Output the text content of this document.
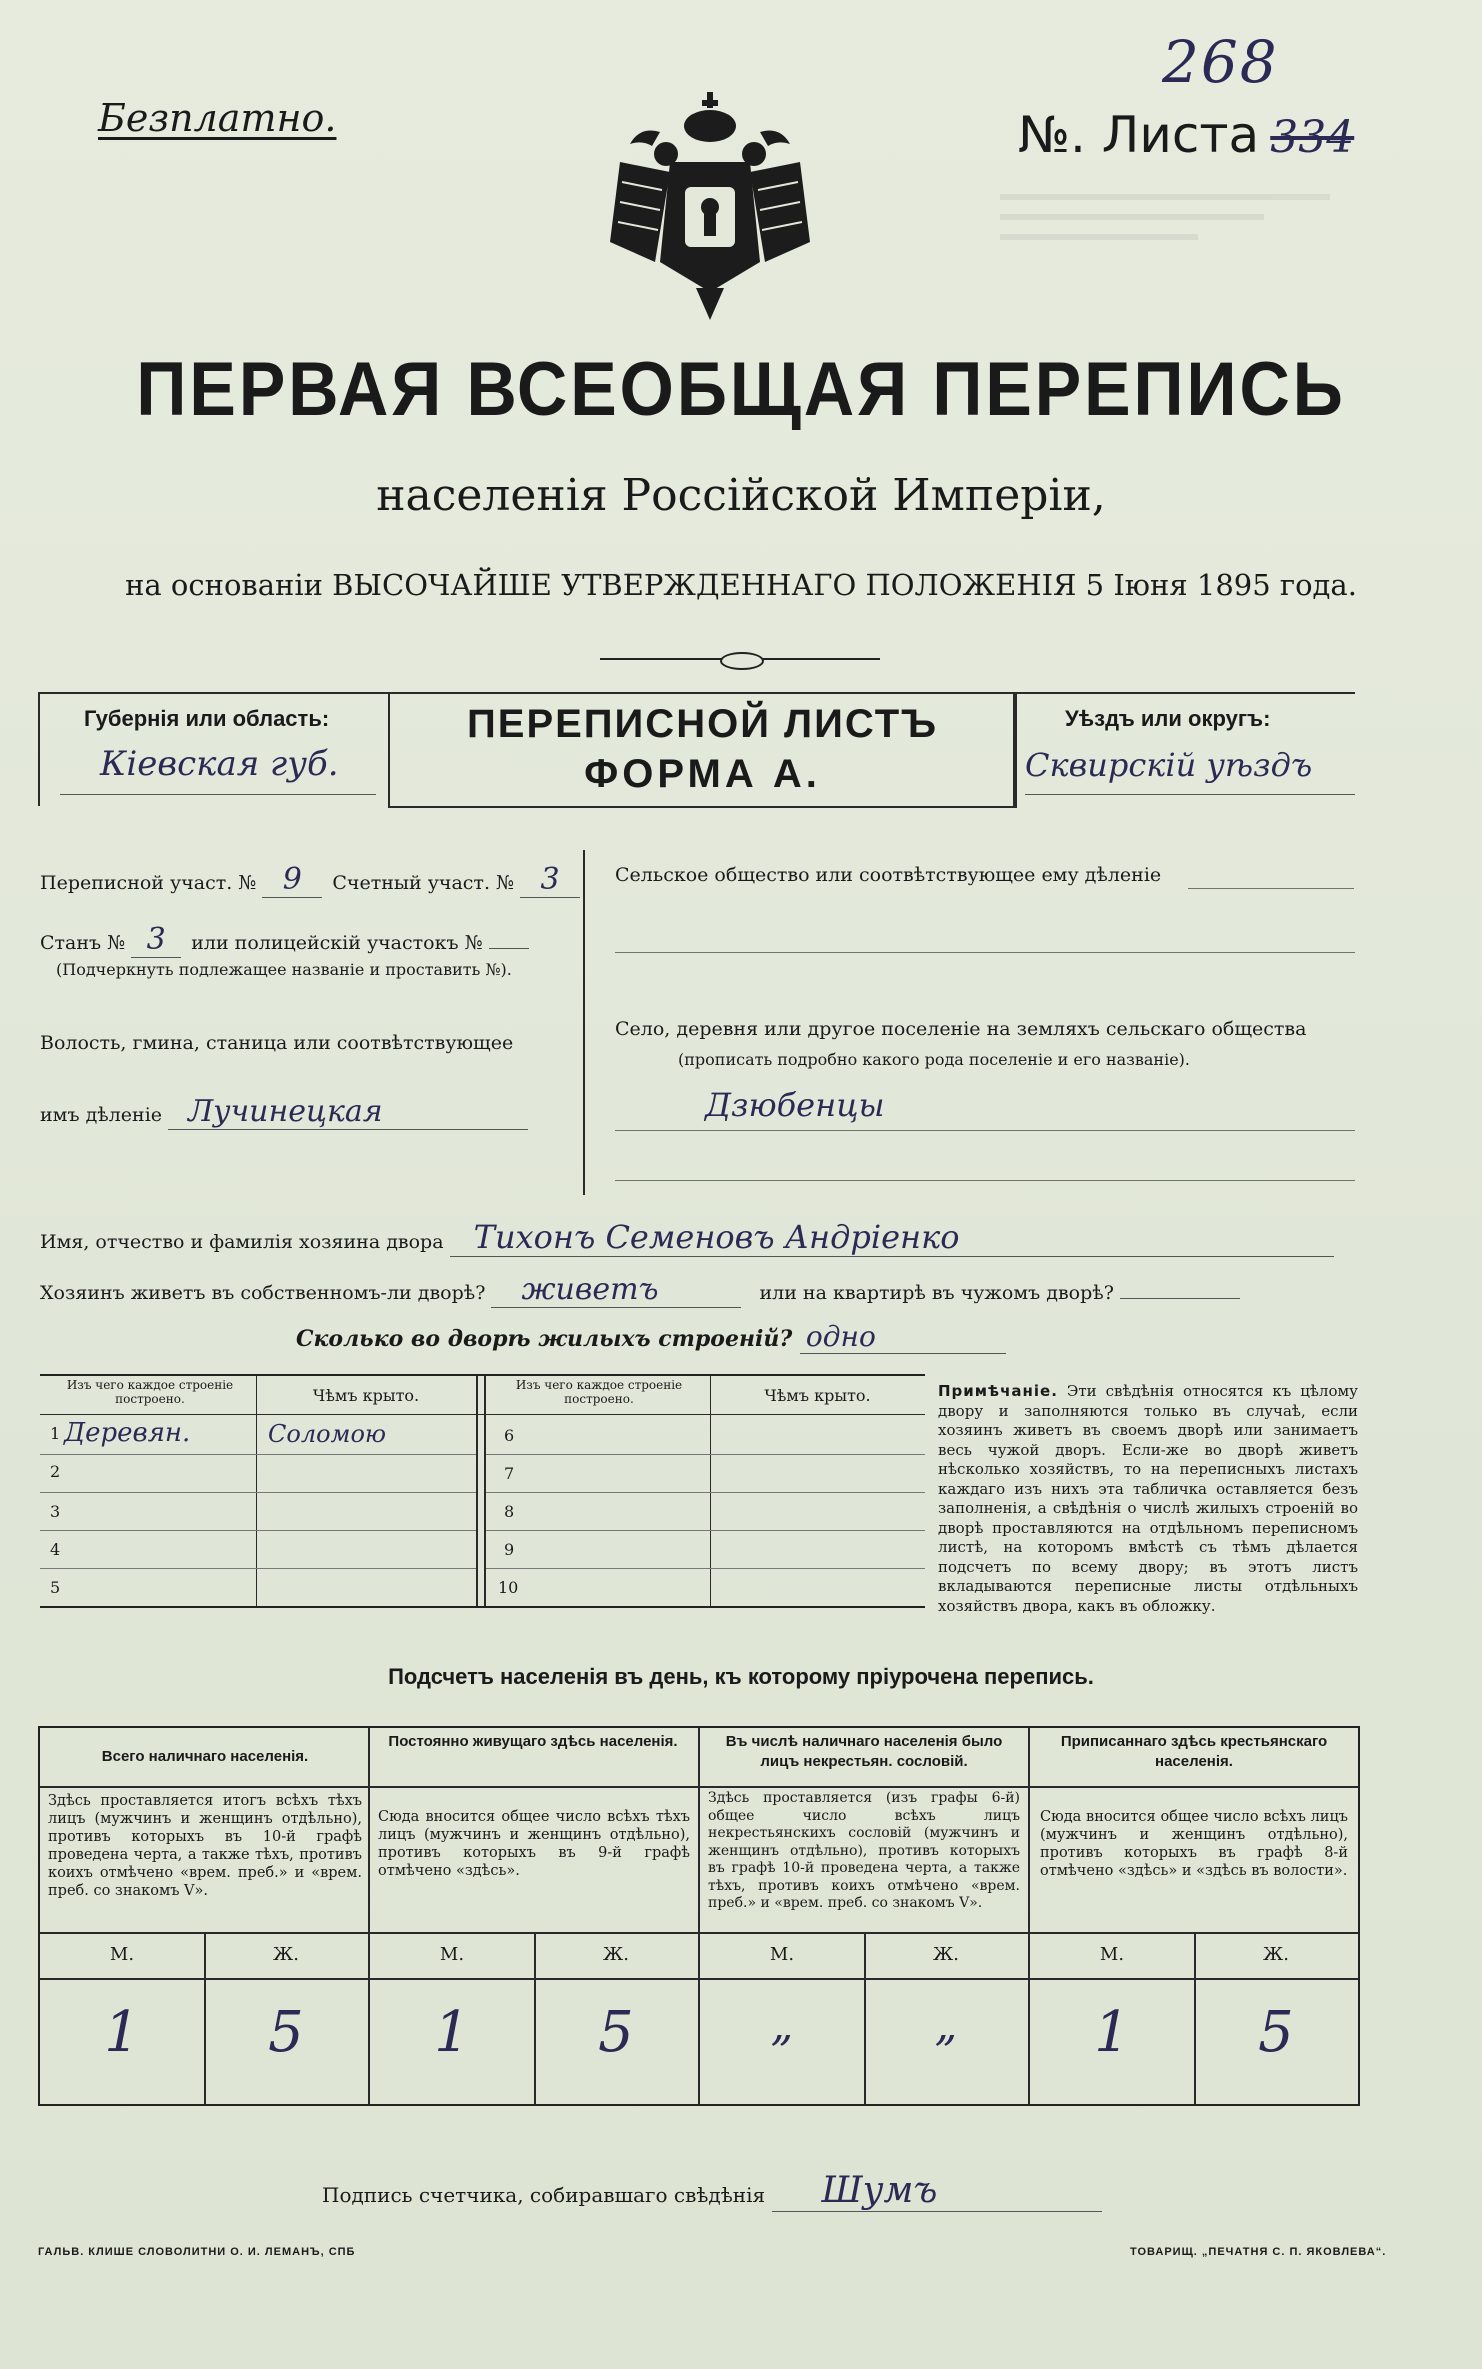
Безплатно.
268
№. Листа 334
ПЕРВАЯ ВСЕОБЩАЯ ПЕРЕПИСЬ
населенія Россійской Имперіи,
на основаніи ВЫСОЧАЙШЕ УТВЕРЖДЕННАГО ПОЛОЖЕНІЯ 5 Іюня 1895 года.
Губернія или область:
Кіевская губ.
ПЕРЕПИСНОЙ ЛИСТЪ
ФОРМА А.
Уѣздъ или округъ:
Сквирскій уѣздъ
Переписной участ. № 9 Счетный участ. № 3
Станъ № 3 или полицейскій участокъ №
(Подчеркнуть подлежащее названіе и проставить №).
Волость, гмина, станица или соотвѣтствующее
имъ дѣленіе Лучинецкая
Сельское общество или соотвѣтствующее ему дѣленіе
Село, деревня или другое поселеніе на земляхъ сельскаго общества
(прописать подробно какого рода поселеніе и его названіе).
Дзюбенцы
Имя, отчество и фамилія хозяина двора Тихонъ Семеновъ Андрiенко
Хозяинъ живетъ въ собственномъ-ли дворѣ? живетъ	или на квартирѣ въ чужомъ дворѣ?
Сколько во дворѣ жилыхъ строеній? одно
Изъ чего каждое строеніе построено.	Чѣмъ крыто.
Изъ чего каждое строеніе построено.	Чѣмъ крыто.
1 Деревян.	Соломою
2
3
4
5
6
7
8
9
10
Примѣчаніе. Эти свѣдѣнія относятся къ цѣлому двору и заполняются только въ случаѣ, если хозяинъ живетъ въ своемъ дворѣ или занимаетъ весь чужой дворъ. Если-же во дворѣ живетъ нѣсколько хозяйствъ, то на переписныхъ листахъ каждаго изъ нихъ эта табличка оставляется безъ заполненія, а свѣдѣнія о числѣ жилыхъ строеній во дворѣ проставляются на отдѣльномъ переписномъ листѣ, на которомъ вмѣстѣ съ тѣмъ дѣлается подсчетъ по всему двору; въ этотъ листъ вкладываются переписные листы отдѣльныхъ хозяйствъ двора, какъ въ обложку.
Подсчетъ населенія въ день, къ которому пріурочена перепись.
Всего наличнаго населенія.
Здѣсь проставляется итогъ всѣхъ тѣхъ лицъ (мужчинъ и женщинъ отдѣльно), противъ которыхъ въ 10-й графѣ проведена черта, а также тѣхъ, противъ коихъ отмѣчено «врем. преб.» и «врем. преб. со знакомъ V».
М.	Ж.
1	5
Постоянно живущаго здѣсь населенія.
Сюда вносится общее число всѣхъ тѣхъ лицъ (мужчинъ и женщинъ отдѣльно), противъ которыхъ въ 9-й графѣ отмѣчено «здѣсь».
М.	Ж.
1	5
Въ числѣ наличнаго населенія было лицъ некрестьян. сословій.
Здѣсь проставляется (изъ графы 6-й) общее число всѣхъ лицъ некрестьянскихъ сословій (мужчинъ и женщинъ отдѣльно), противъ которыхъ въ графѣ 10-й проведена черта, а также тѣхъ, противъ коихъ отмѣчено «врем. преб.» и «врем. преб. со знакомъ V».
М.	Ж.
„	„
Приписаннаго здѣсь крестьянскаго населенія.
Сюда вносится общее число всѣхъ лицъ (мужчинъ и женщинъ отдѣльно), противъ которыхъ въ графѣ 8-й отмѣчено «здѣсь» и «здѣсь въ волости».
М.	Ж.
1	5
Подпись счетчика, собиравшаго свѣдѣнія Шумъ
ГАЛЬВ. КЛИШЕ СЛОВОЛИТНИ О. И. ЛЕМАНЪ, СПБ	ТОВАРИЩ. „ПЕЧАТНЯ С. П. ЯКОВЛЕВА“.
